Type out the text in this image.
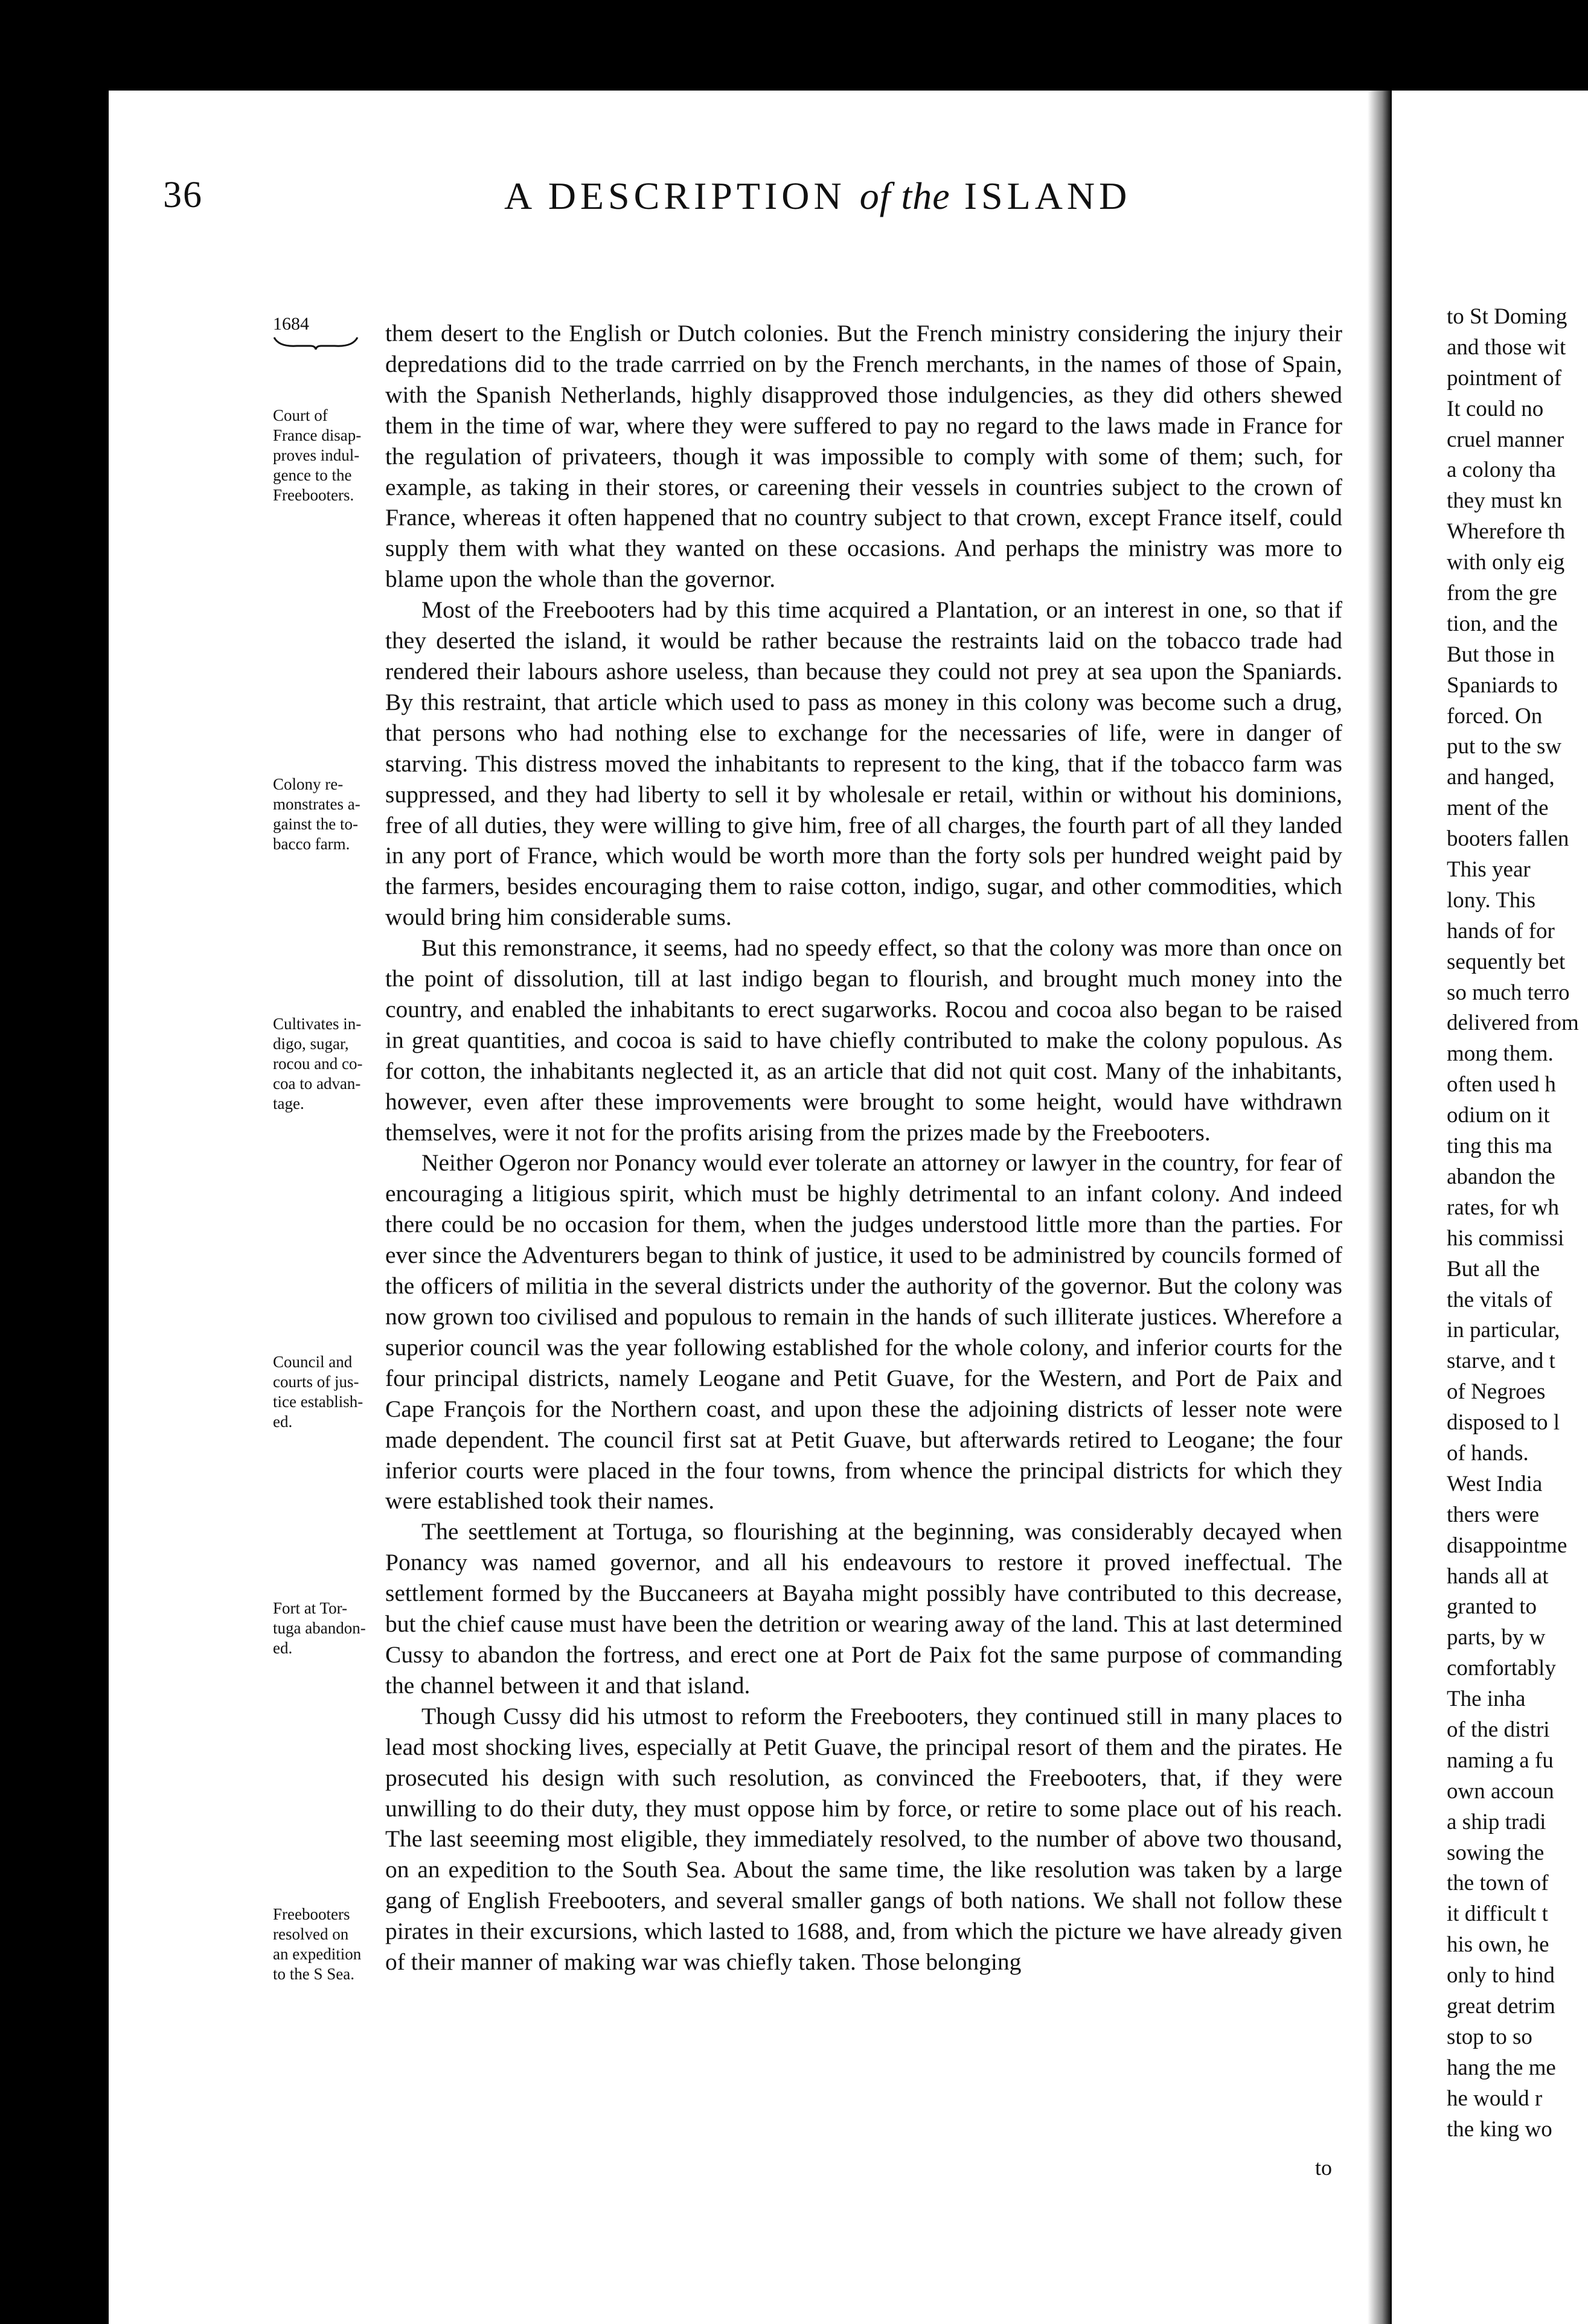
36	A DESCRIPTION of the ISLAND
1684
Court of
France disap-
proves indul-
gence to the
Freebooters.
Colony re-
monstrates a-
gainst the to-
bacco farm.
Cultivates in-
digo, sugar,
rocou and co-
coa to advan-
tage.
Council and
courts of jus-
tice establish-
ed.
Fort at Tor-
tuga abandon-
ed.
Freebooters
resolved on
an expedition
to the S Sea.

them desert to the English or Dutch colonies. But the French ministry considering the injury their depredations did to the trade carrried on by the French merchants, in the names of those of Spain, with the Spanish Netherlands, highly disapproved those indulgencies, as they did others shewed them in the time of war, where they were suffered to pay no regard to the laws made in France for the regulation of privateers, though it was impossible to comply with some of them; such, for example, as taking in their stores, or careening their vessels in countries subject to the crown of France, whereas it often happened that no country subject to that crown, except France itself, could supply them with what they wanted on these occasions. And perhaps the ministry was more to blame upon the whole than the governor.

Most of the Freebooters had by this time acquired a Plantation, or an interest in one, so that if they deserted the island, it would be rather because the restraints laid on the tobacco trade had rendered their labours ashore useless, than because they could not prey at sea upon the Spaniards. By this restraint, that article which used to pass as money in this colony was become such a drug, that persons who had nothing else to exchange for the necessaries of life, were in danger of starving. This distress moved the inhabitants to represent to the king, that if the tobacco farm was suppressed, and they had liberty to sell it by wholesale er retail, within or without his dominions, free of all duties, they were willing to give him, free of all charges, the fourth part of all they landed in any port of France, which would be worth more than the forty sols per hundred weight paid by the farmers, besides encouraging them to raise cotton, indigo, sugar, and other commodities, which would bring him considerable sums.

But this remonstrance, it seems, had no speedy effect, so that the colony was more than once on the point of dissolution, till at last indigo began to flourish, and brought much money into the country, and enabled the inhabitants to erect sugarworks. Rocou and cocoa also began to be raised in great quantities, and cocoa is said to have chiefly contributed to make the colony populous. As for cotton, the inhabitants neglected it, as an article that did not quit cost. Many of the inhabitants, however, even after these improvements were brought to some height, would have withdrawn themselves, were it not for the profits arising from the prizes made by the Freebooters.

Neither Ogeron nor Ponancy would ever tolerate an attorney or lawyer in the country, for fear of encouraging a litigious spirit, which must be highly detrimental to an infant colony. And indeed there could be no occasion for them, when the judges understood little more than the parties. For ever since the Adventurers began to think of justice, it used to be administred by councils formed of the officers of militia in the several districts under the authority of the governor. But the colony was now grown too civilised and populous to remain in the hands of such illiterate justices. Wherefore a superior council was the year following established for the whole colony, and inferior courts for the four principal districts, namely Leogane and Petit Guave, for the Western, and Port de Paix and Cape François for the Northern coast, and upon these the adjoining districts of lesser note were made dependent. The council first sat at Petit Guave, but afterwards retired to Leogane; the four inferior courts were placed in the four towns, from whence the principal districts for which they were established took their names.

The seettlement at Tortuga, so flourishing at the beginning, was considerably decayed when Ponancy was named governor, and all his endeavours to restore it proved ineffectual. The settlement formed by the Buccaneers at Bayaha might possibly have contributed to this decrease, but the chief cause must have been the detrition or wearing away of the land. This at last determined Cussy to abandon the fortress, and erect one at Port de Paix fot the same purpose of commanding the channel between it and that island.

Though Cussy did his utmost to reform the Freebooters, they continued still in many places to lead most shocking lives, especially at Petit Guave, the principal resort of them and the pirates. He prosecuted his design with such resolution, as convinced the Freebooters, that, if they were unwilling to do their duty, they must oppose him by force, or retire to some place out of his reach. The last seeeming most eligible, they immediately resolved, to the number of above two thousand, on an expedition to the South Sea. About the same time, the like resolution was taken by a large gang of English Freebooters, and several smaller gangs of both nations. We shall not follow these pirates in their excursions, which lasted to 1688, and, from which the picture we have already given of their manner of making war was chiefly taken. Those belonging

to
to St Doming
and those wit
pointment of
It could no
cruel manner
a colony tha
they must kn
Wherefore th
with only eig
from the gre
tion, and the
But those in
Spaniards to
forced. On
put to the sw
and hanged,
ment of the
booters fallen
This year
lony. This
hands of for
sequently bet
so much terro
delivered from
mong them.
often used h
odium on it
ting this ma
abandon the
rates, for wh
his commissi
But all the
the vitals of
in particular,
starve, and t
of Negroes
disposed to l
of hands.
West India
thers were
disappointme
hands all at
granted to
parts, by w
comfortably
The inha
of the distri
naming a fu
own accoun
a ship tradi
sowing the
the town of
it difficult t
his own, he
only to hind
great detrim
stop to so
hang the me
he would r
the king wo
